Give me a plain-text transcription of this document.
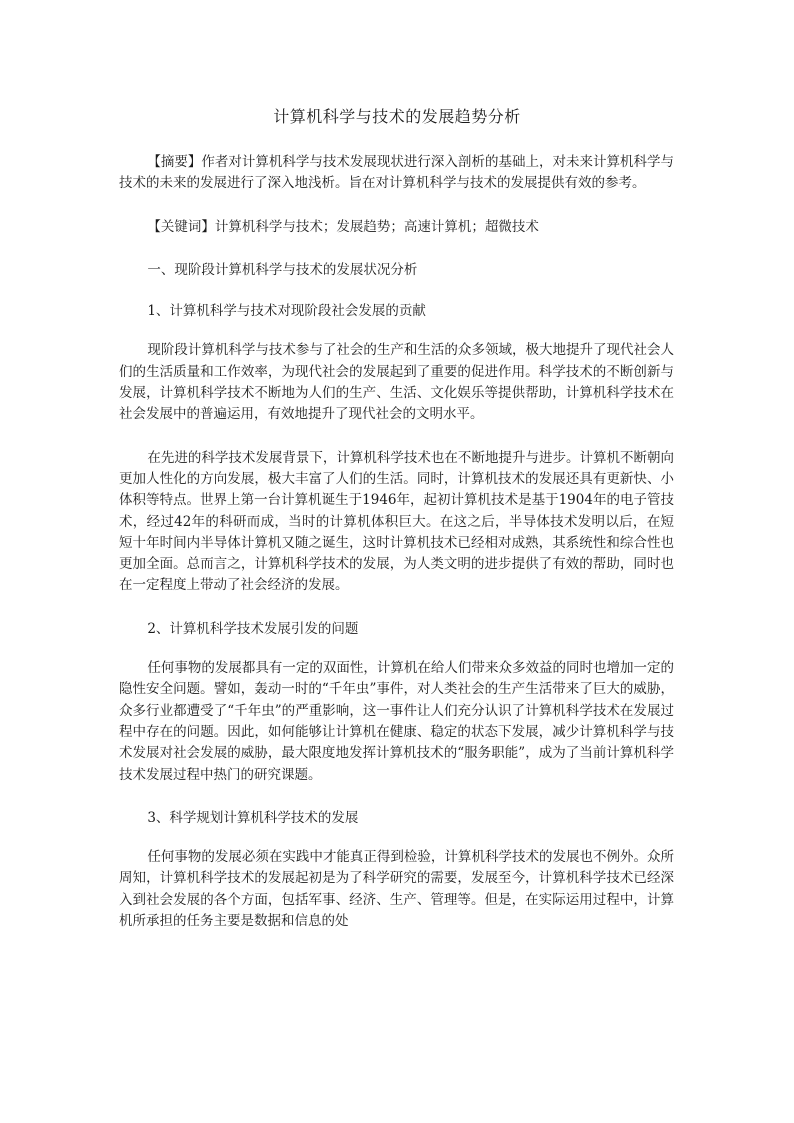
计算机科学与技术的发展趋势分析

【摘要】作者对计算机科学与技术发展现状进行深入剖析的基础上，对未来计算机科学与技术的未来的发展进行了深入地浅析。旨在对计算机科学与技术的发展提供有效的参考。

【关键词】计算机科学与技术；发展趋势；高速计算机；超微技术

一、现阶段计算机科学与技术的发展状况分析
1、计算机科学与技术对现阶段社会发展的贡献

现阶段计算机科学与技术参与了社会的生产和生活的众多领域，极大地提升了现代社会人们的生活质量和工作效率，为现代社会的发展起到了重要的促进作用。科学技术的不断创新与发展，计算机科学技术不断地为人们的生产、生活、文化娱乐等提供帮助，计算机科学技术在社会发展中的普遍运用，有效地提升了现代社会的文明水平。

在先进的科学技术发展背景下，计算机科学技术也在不断地提升与进步。计算机不断朝向更加人性化的方向发展，极大丰富了人们的生活。同时，计算机技术的发展还具有更新快、小体积等特点。世界上第一台计算机诞生于1946年，起初计算机技术是基于1904年的电子管技术，经过42年的科研而成，当时的计算机体积巨大。在这之后，半导体技术发明以后，在短短十年时间内半导体计算机又随之诞生，这时计算机技术已经相对成熟，其系统性和综合性也更加全面。总而言之，计算机科学技术的发展，为人类文明的进步提供了有效的帮助，同时也在一定程度上带动了社会经济的发展。

2、计算机科学技术发展引发的问题

任何事物的发展都具有一定的双面性，计算机在给人们带来众多效益的同时也增加一定的隐性安全问题。譬如，轰动一时的“千年虫”事件，对人类社会的生产生活带来了巨大的威胁，众多行业都遭受了“千年虫”的严重影响，这一事件让人们充分认识了计算机科学技术在发展过程中存在的问题。因此，如何能够让计算机在健康、稳定的状态下发展，减少计算机科学与技术发展对社会发展的威胁，最大限度地发挥计算机技术的“服务职能”，成为了当前计算机科学技术发展过程中热门的研究课题。

3、科学规划计算机科学技术的发展

任何事物的发展必须在实践中才能真正得到检验，计算机科学技术的发展也不例外。众所周知，计算机科学技术的发展起初是为了科学研究的需要，发展至今，计算机科学技术已经深入到社会发展的各个方面，包括军事、经济、生产、管理等。但是，在实际运用过程中，计算机所承担的任务主要是数据和信息的处
